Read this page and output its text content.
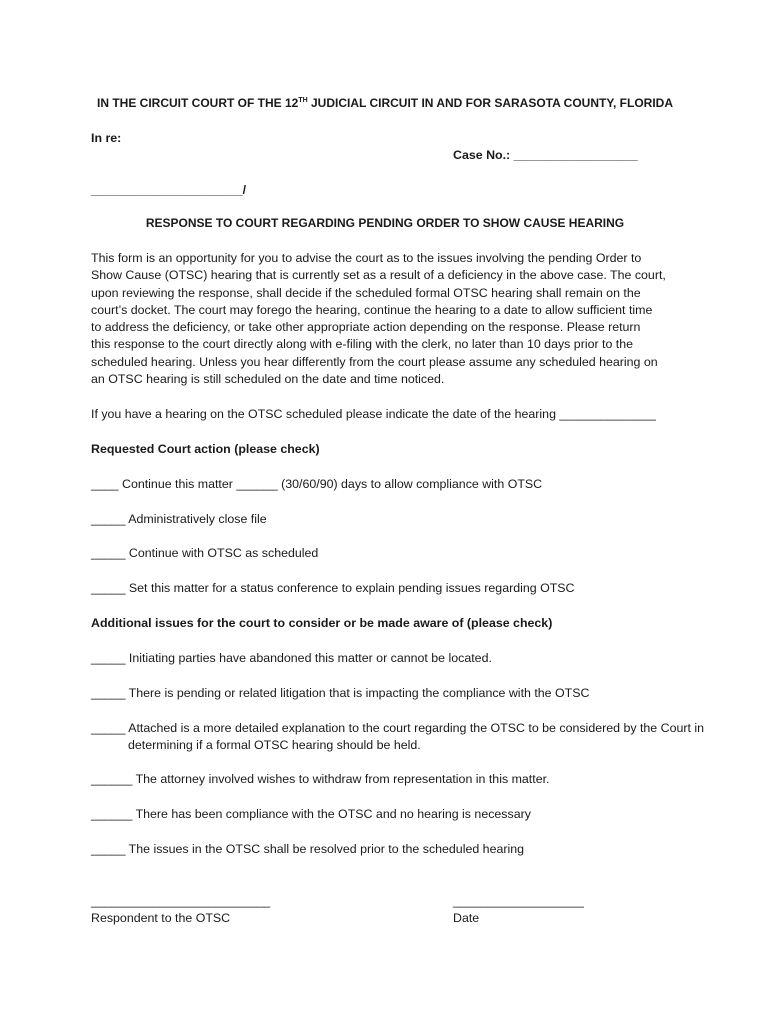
IN THE CIRCUIT COURT OF THE 12TH JUDICIAL CIRCUIT IN AND FOR SARASOTA COUNTY, FLORIDA
In re:
Case No.: __________________
______________________/
RESPONSE TO COURT REGARDING PENDING ORDER TO SHOW CAUSE HEARING
This form is an opportunity for you to advise the court as to the issues involving the pending Order to
Show Cause (OTSC) hearing that is currently set as a result of a deficiency in the above case. The court,
upon reviewing the response, shall decide if the scheduled formal OTSC hearing shall remain on the
court’s docket. The court may forego the hearing, continue the hearing to a date to allow sufficient time
to address the deficiency, or take other appropriate action depending on the response. Please return
this response to the court directly along with e-filing with the clerk, no later than 10 days prior to the
scheduled hearing. Unless you hear differently from the court please assume any scheduled hearing on
an OTSC hearing is still scheduled on the date and time noticed.
If you have a hearing on the OTSC scheduled please indicate the date of the hearing ______________
Requested Court action (please check)
____ Continue this matter ______ (30/60/90) days to allow compliance with OTSC
_____ Administratively close file
_____ Continue with OTSC as scheduled
_____ Set this matter for a status conference to explain pending issues regarding OTSC
Additional issues for the court to consider or be made aware of (please check)
_____ Initiating parties have abandoned this matter or cannot be located.
_____ There is pending or related litigation that is impacting the compliance with the OTSC
_____ Attached is a more detailed explanation to the court regarding the OTSC to be considered by the Court in determining if a formal OTSC hearing should be held.
______ The attorney involved wishes to withdraw from representation in this matter.
______ There has been compliance with the OTSC and no hearing is necessary
_____ The issues in the OTSC shall be resolved prior to the scheduled hearing
__________________________
Respondent to the OTSC
___________________
Date
